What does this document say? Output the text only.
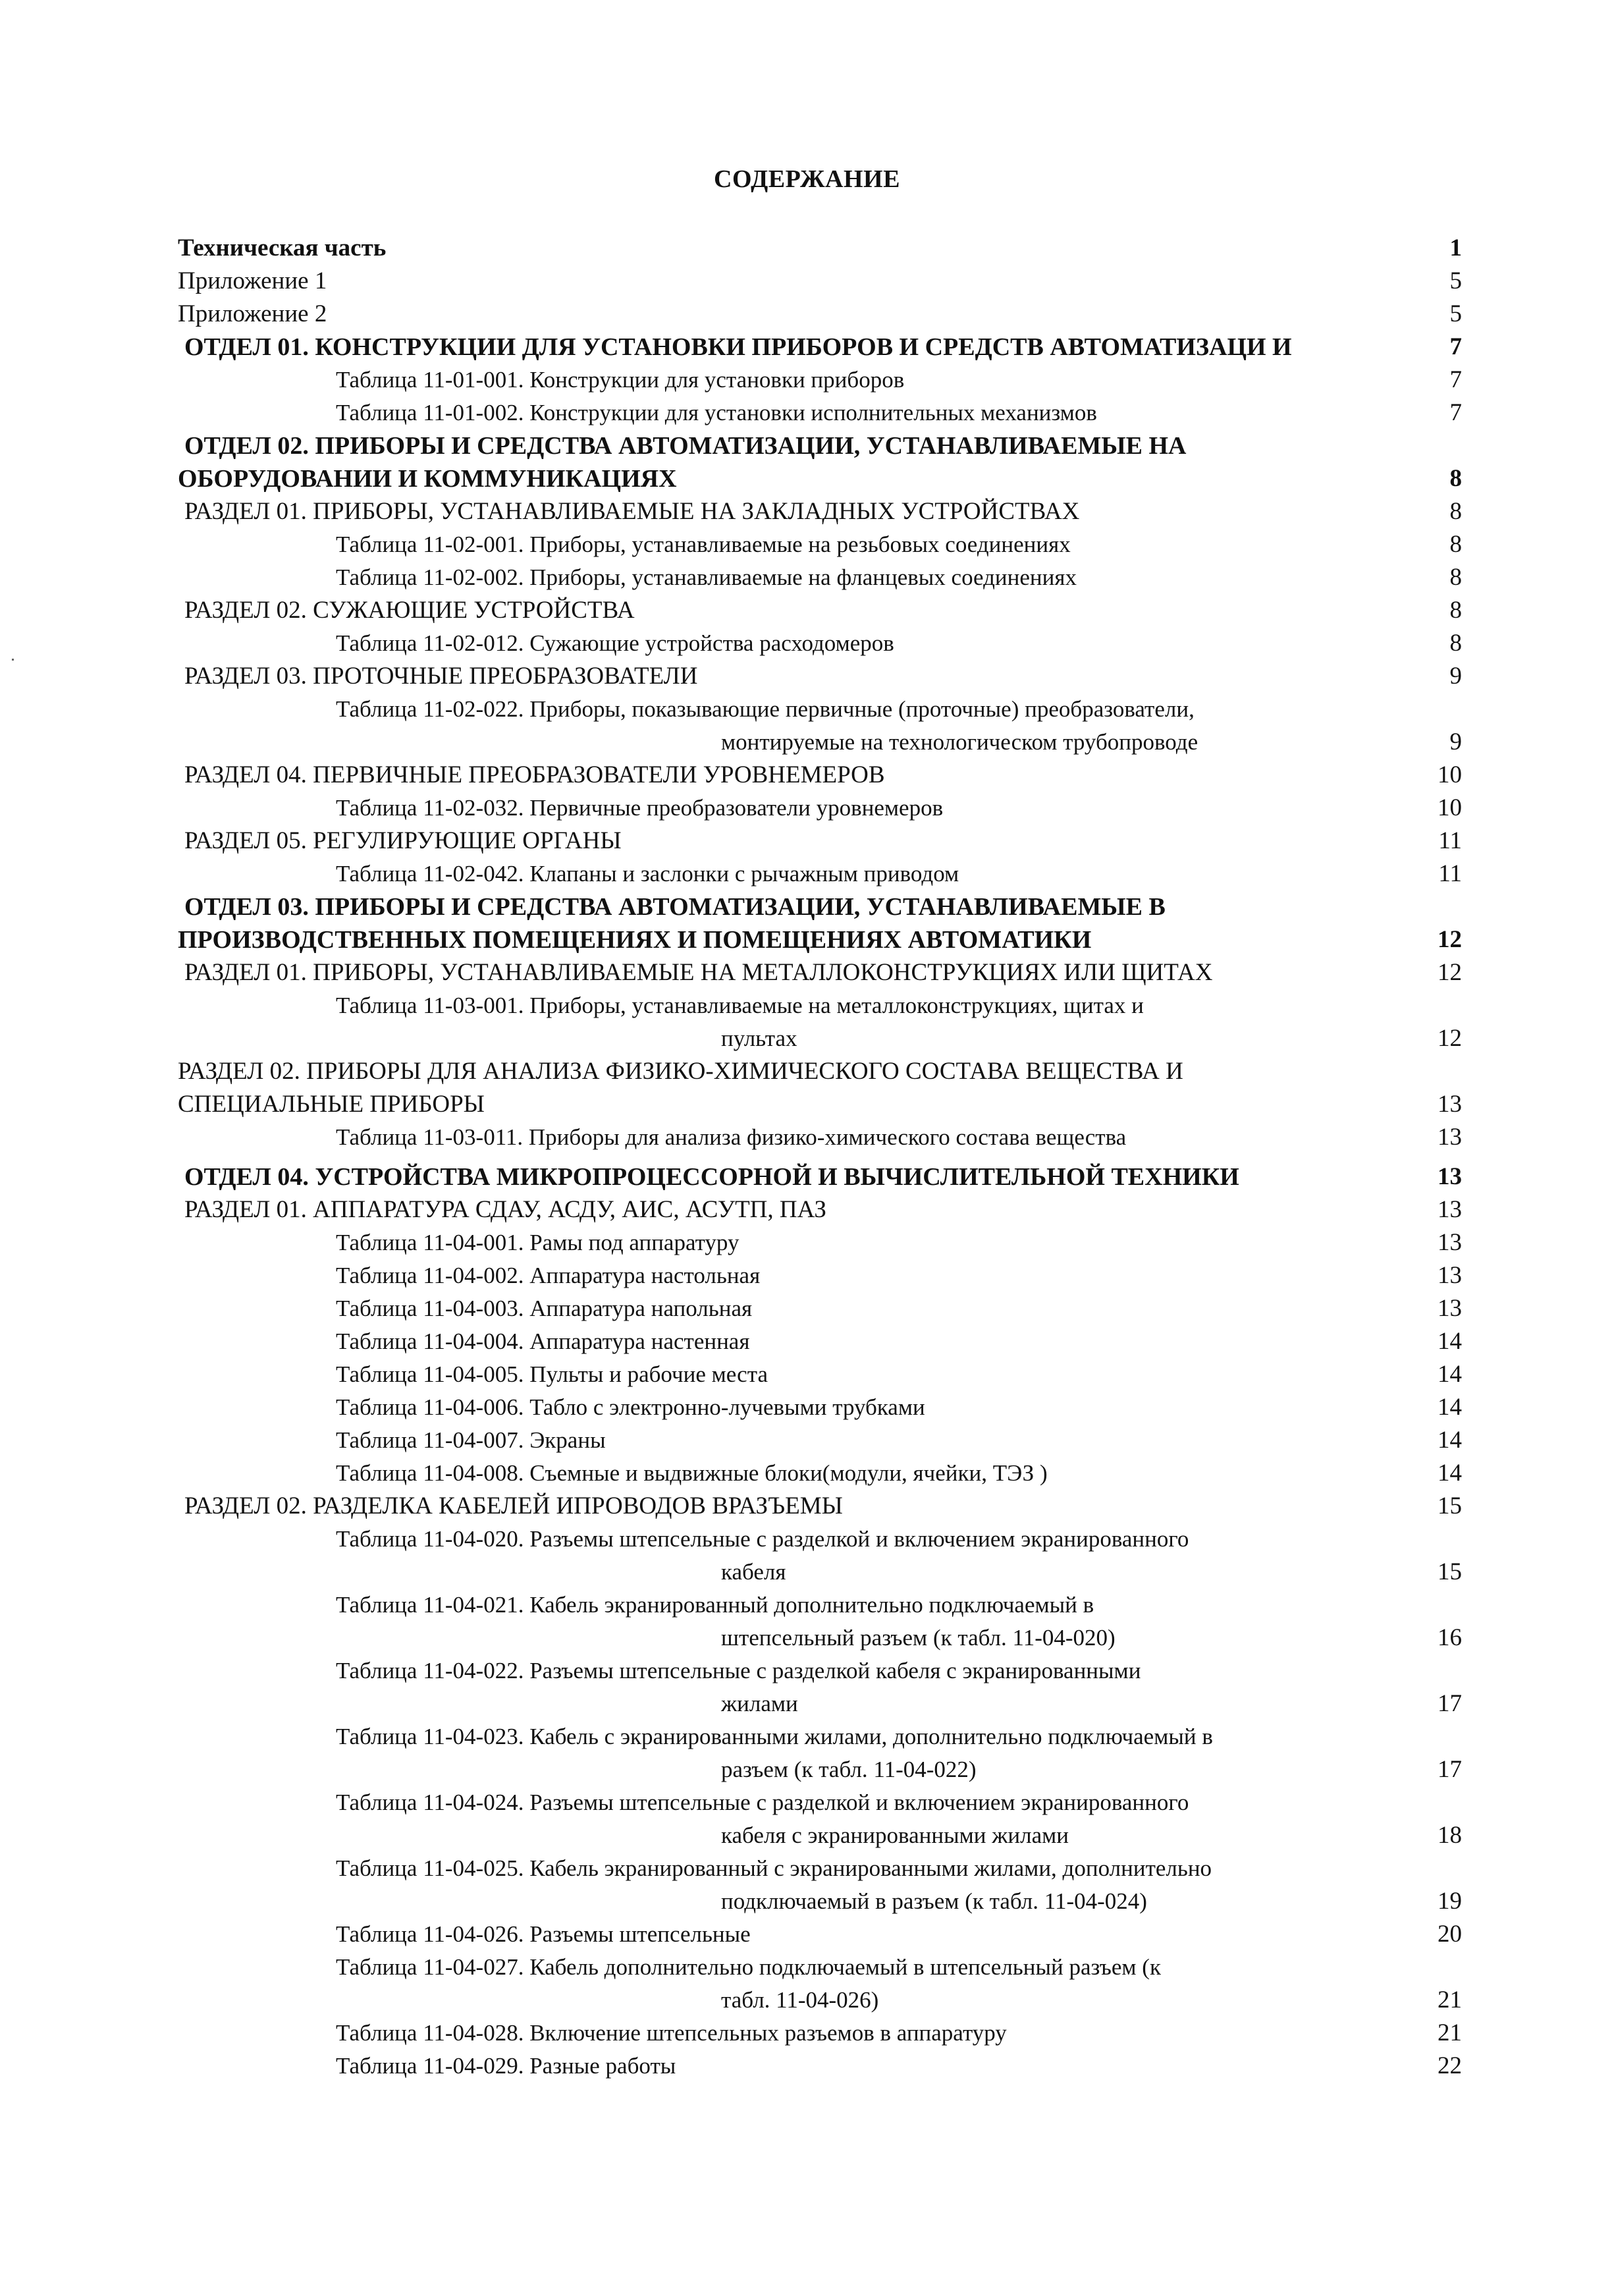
СОДЕРЖАНИЕ
Техническая часть	1
Приложение 1	5
Приложение 2	5
ОТДЕЛ 01. КОНСТРУКЦИИ ДЛЯ УСТАНОВКИ ПРИБОРОВ И СРЕДСТВ АВТОМАТИЗАЦИ И	7
Таблица 11-01-001. Конструкции для установки приборов	7
Таблица 11-01-002. Конструкции для установки исполнительных механизмов	7
ОТДЕЛ 02. ПРИБОРЫ И СРЕДСТВА АВТОМАТИЗАЦИИ, УСТАНАВЛИВАЕМЫЕ НА
ОБОРУДОВАНИИ И КОММУНИКАЦИЯХ	8
РАЗДЕЛ 01. ПРИБОРЫ, УСТАНАВЛИВАЕМЫЕ НА ЗАКЛАДНЫХ УСТРОЙСТВАХ	8
Таблица 11-02-001. Приборы, устанавливаемые на резьбовых соединениях	8
Таблица 11-02-002. Приборы, устанавливаемые на фланцевых соединениях	8
РАЗДЕЛ 02. СУЖАЮЩИЕ УСТРОЙСТВА	8
Таблица 11-02-012. Сужающие устройства расходомеров	8
РАЗДЕЛ 03. ПРОТОЧНЫЕ ПРЕОБРАЗОВАТЕЛИ	9
Таблица 11-02-022. Приборы, показывающие первичные (проточные) преобразователи,
монтируемые на технологическом трубопроводе	9
РАЗДЕЛ 04. ПЕРВИЧНЫЕ ПРЕОБРАЗОВАТЕЛИ УРОВНЕМЕРОВ	10
Таблица 11-02-032. Первичные преобразователи уровнемеров	10
РАЗДЕЛ 05. РЕГУЛИРУЮЩИЕ ОРГАНЫ	11
Таблица 11-02-042. Клапаны и заслонки с рычажным приводом	11
ОТДЕЛ 03. ПРИБОРЫ И СРЕДСТВА АВТОМАТИЗАЦИИ, УСТАНАВЛИВАЕМЫЕ В
ПРОИЗВОДСТВЕННЫХ ПОМЕЩЕНИЯХ И ПОМЕЩЕНИЯХ АВТОМАТИКИ	12
РАЗДЕЛ 01. ПРИБОРЫ, УСТАНАВЛИВАЕМЫЕ НА МЕТАЛЛОКОНСТРУКЦИЯХ ИЛИ ЩИТАХ	12
Таблица 11-03-001. Приборы, устанавливаемые на металлоконструкциях, щитах и
пультах	12
РАЗДЕЛ 02. ПРИБОРЫ ДЛЯ АНАЛИЗА ФИЗИКО-ХИМИЧЕСКОГО СОСТАВА ВЕЩЕСТВА И
СПЕЦИАЛЬНЫЕ ПРИБОРЫ	13
Таблица 11-03-011. Приборы для анализа физико-химического состава вещества	13
ОТДЕЛ 04. УСТРОЙСТВА МИКРОПРОЦЕССОРНОЙ И ВЫЧИСЛИТЕЛЬНОЙ ТЕХНИКИ	13
РАЗДЕЛ 01. АППАРАТУРА СДАУ, АСДУ, АИС, АСУТП, ПАЗ	13
Таблица 11-04-001. Рамы под аппаратуру	13
Таблица 11-04-002. Аппаратура настольная	13
Таблица 11-04-003. Аппаратура напольная	13
Таблица 11-04-004. Аппаратура настенная	14
Таблица 11-04-005. Пульты и рабочие места	14
Таблица 11-04-006. Табло с электронно-лучевыми трубками	14
Таблица 11-04-007. Экраны	14
Таблица 11-04-008. Съемные и выдвижные блоки(модули, ячейки, ТЭЗ )	14
РАЗДЕЛ 02. РАЗДЕЛКА КАБЕЛЕЙ ИПРОВОДОВ ВРАЗЪЕМЫ	15
Таблица 11-04-020. Разъемы штепсельные с разделкой и включением экранированного
кабеля	15
Таблица 11-04-021. Кабель экранированный дополнительно подключаемый в
штепсельный разъем (к табл. 11-04-020)	16
Таблица 11-04-022. Разъемы штепсельные с разделкой кабеля с экранированными
жилами	17
Таблица 11-04-023. Кабель с экранированными жилами, дополнительно подключаемый в
разъем (к табл. 11-04-022)	17
Таблица 11-04-024. Разъемы штепсельные с разделкой и включением экранированного
кабеля с экранированными жилами	18
Таблица 11-04-025. Кабель экранированный с экранированными жилами, дополнительно
подключаемый в разъем (к табл. 11-04-024)	19
Таблица 11-04-026. Разъемы штепсельные	20
Таблица 11-04-027. Кабель дополнительно подключаемый в штепсельный разъем (к
табл. 11-04-026)	21
Таблица 11-04-028. Включение штепсельных разъемов в аппаратуру	21
Таблица 11-04-029. Разные работы	22
